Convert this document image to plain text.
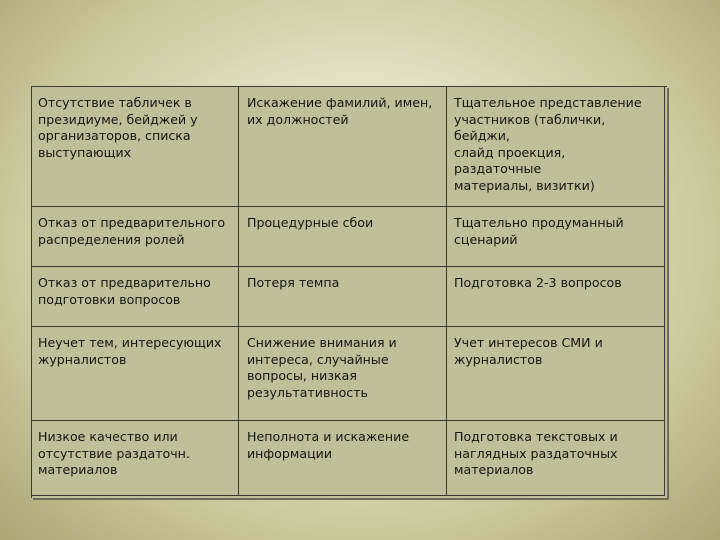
Отсутствие табличек в
президиуме, бейджей у
организаторов, списка
выступающих
Искажение фамилий, имен,
их должностей
Тщательное представление
участников (таблички, бейджи,
слайд проекция, раздаточные
материалы, визитки)
Отказ от предварительного
распределения ролей
Процедурные сбои	Тщательно продуманный
сценарий
Отказ от предварительно
подготовки вопросов
Потеря темпа	Подготовка 2-3 вопросов
Неучет тем, интересующих
журналистов
Снижение внимания и
интереса, случайные
вопросы, низкая
результативность
Учет интересов СМИ и
журналистов
Низкое качество или
отсутствие раздаточн.
материалов
Неполнота и искажение
информации
Подготовка текстовых и
наглядных раздаточных
материалов
